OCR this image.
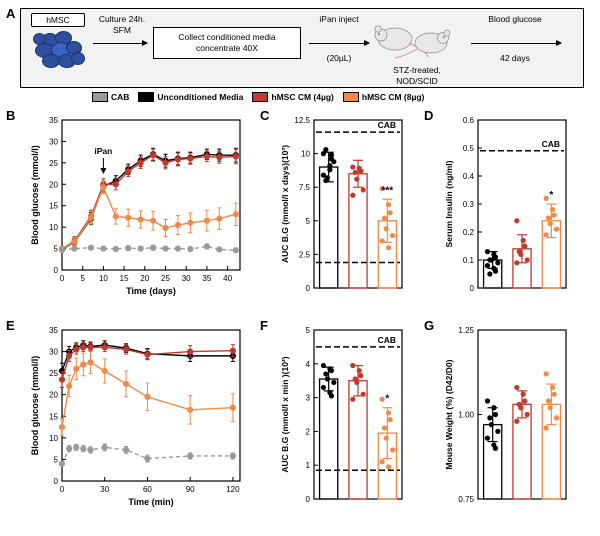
A	hMSC	Culture 24h.
SFM
Collect conditioned media
concentrate 40X
iPan inject
(20µL)
STZ-treated,
NOD/SCID
Blood glucose
42 days
CAB	Unconditioned Media	hMSC CM (4µg)	hMSC CM (8µg)
B	C	D
E	F	G
0 5 10 15 20 25 30 35 40
0
5
10
15
20
25
30
35
Time (days)
Blood glucose (mmol/l)	iPan
0
2.5
5
7.5
10
12.5
AUC B.G (mmol/l x days)(10³)
CAB
***
0
0.1
0.2
0.3
0.4
0.5
0.6
Serum Insulin (ng/ml)
CAB
*
0	30	60	90	120
0
5
10
15
20
25
30
35
Time (min)
Blood glucose (mmol/l)
0
1
2
3
4
5
AUC B.G (mmol/l x min )(10³)
CAB
*
0.75
1.00
1.25
Mouse Weight (%) (D42/D0)
